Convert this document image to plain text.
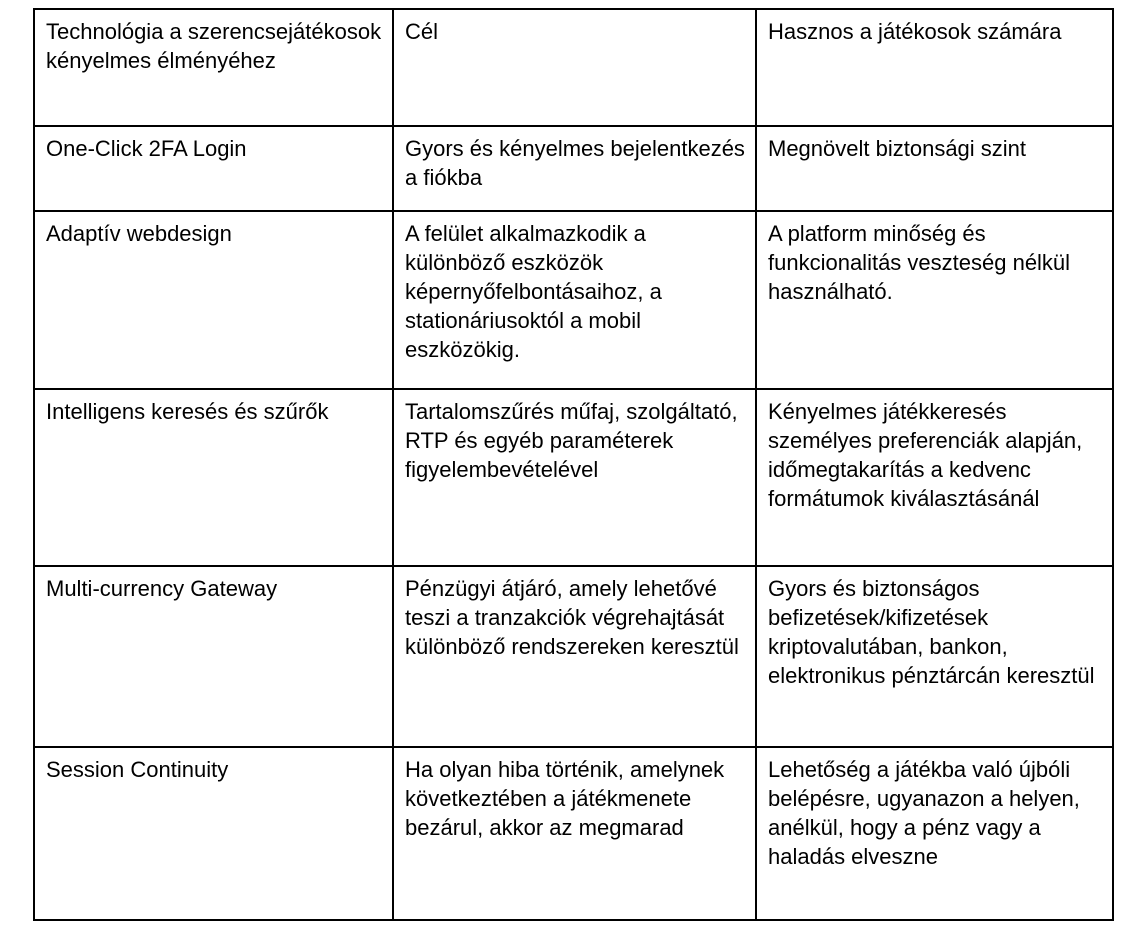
Technológia a szerencsejátékosok kényelmes élményéhez	Cél	Hasznos a játékosok számára
One-Click 2FA Login	Gyors és kényelmes bejelentkezés a fiókba	Megnövelt biztonsági szint
Adaptív webdesign	A felület alkalmazkodik a különböző eszközök képernyőfelbontásaihoz, a stationáriusoktól a mobil eszközökig.	A platform minőség és funkcionalitás veszteség nélkül használható.
Intelligens keresés és szűrők	Tartalomszűrés műfaj, szolgáltató, RTP és egyéb paraméterek figyelembevételével	Kényelmes játékkeresés személyes preferenciák alapján, időmegtakarítás a kedvenc formátumok kiválasztásánál
Multi-currency Gateway	Pénzügyi átjáró, amely lehetővé teszi a tranzakciók végrehajtását különböző rendszereken keresztül	Gyors és biztonságos befizetések/kifizetések kriptovalutában, bankon, elektronikus pénztárcán keresztül
Session Continuity	Ha olyan hiba történik, amelynek következtében a játékmenete bezárul, akkor az megmarad	Lehetőség a játékba való újbóli belépésre, ugyanazon a helyen, anélkül, hogy a pénz vagy a haladás elveszne
